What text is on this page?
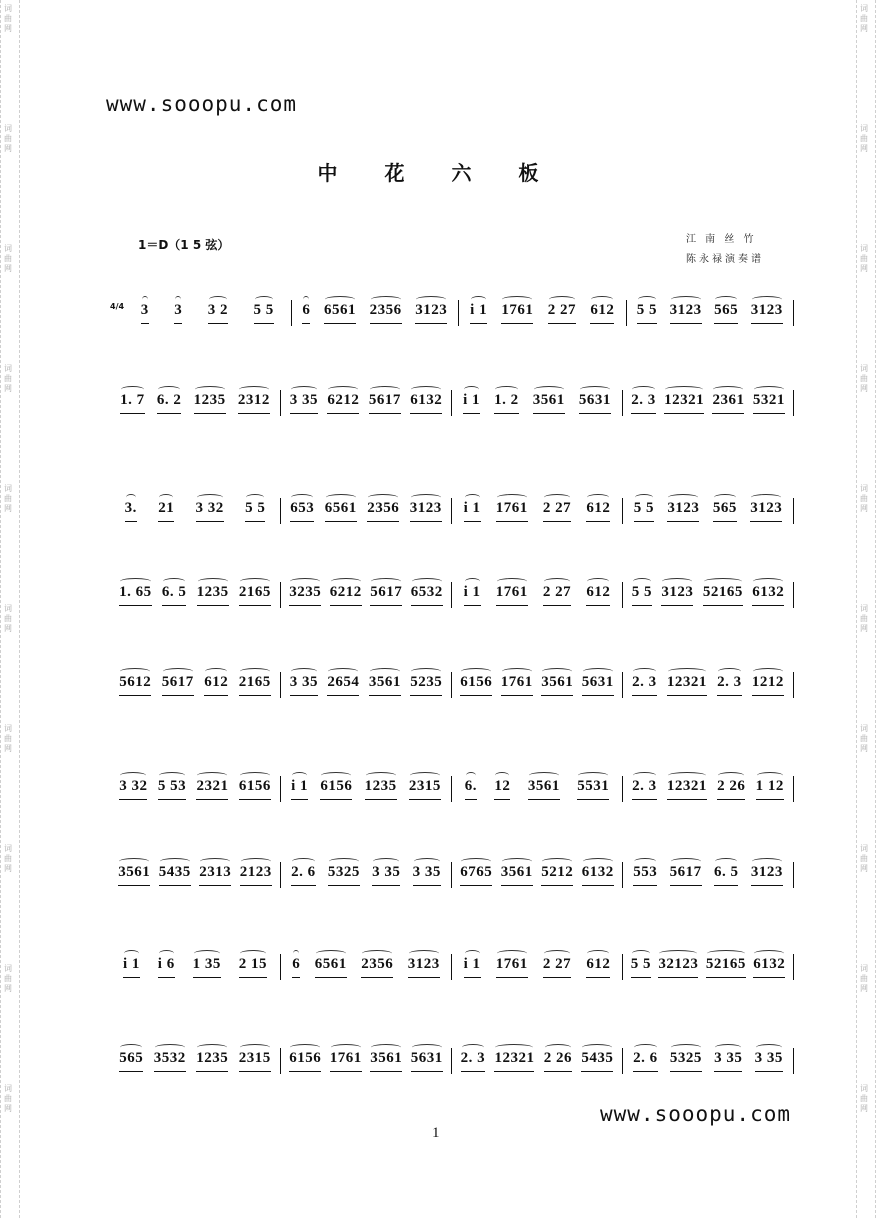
词
曲
网
词
曲
网
词
曲
网
词
曲
网
词
曲
网
词
曲
网
词
曲
网
词
曲
网
词
曲
网
词
曲
网
词
曲
网
词
曲
网
词
曲
网
词
曲
网
词
曲
网
词
曲
网
词
曲
网
词
曲
网
词
曲
网
词
曲
网
www.sooopu.com
www.sooopu.com
中 花 六 板
1＝D（1 5 弦）	江 南 丝 竹
陈永禄演奏谱
4/4 3 3 3 2 5 5 6 6561 2356 3123 i 1 1761 2 27 612 5 5 3123 565 3123
1. 7 6. 2 1235 2312 3 35 6212 5617 6132 i 1 1. 2 3561 5631 2. 3 12321 2361 5321
3. 21 3 32 5 5 653 6561 2356 3123 i 1 1761 2 27 612 5 5 3123 565 3123
1. 65 6. 5 1235 2165 3235 6212 5617 6532 i 1 1761 2 27 612 5 5 3123 52165 6132
5612 5617 612 2165 3 35 2654 3561 5235 6156 1761 3561 5631 2. 3 12321 2. 3 1212
3 32 5 53 2321 6156 i 1 6156 1235 2315 6. 12 3561 5531 2. 3 12321 2 26 1 12
3561 5435 2313 2123 2. 6 5325 3 35 3 35 6765 3561 5212 6132 553 5617 6. 5 3123
i 1 i 6 1 35 2 15 6 6561 2356 3123 i 1 1761 2 27 612 5 5 32123 52165 6132
565 3532 1235 2315 6156 1761 3561 5631 2. 3 12321 2 26 5435 2. 6 5325 3 35 3 35
1
